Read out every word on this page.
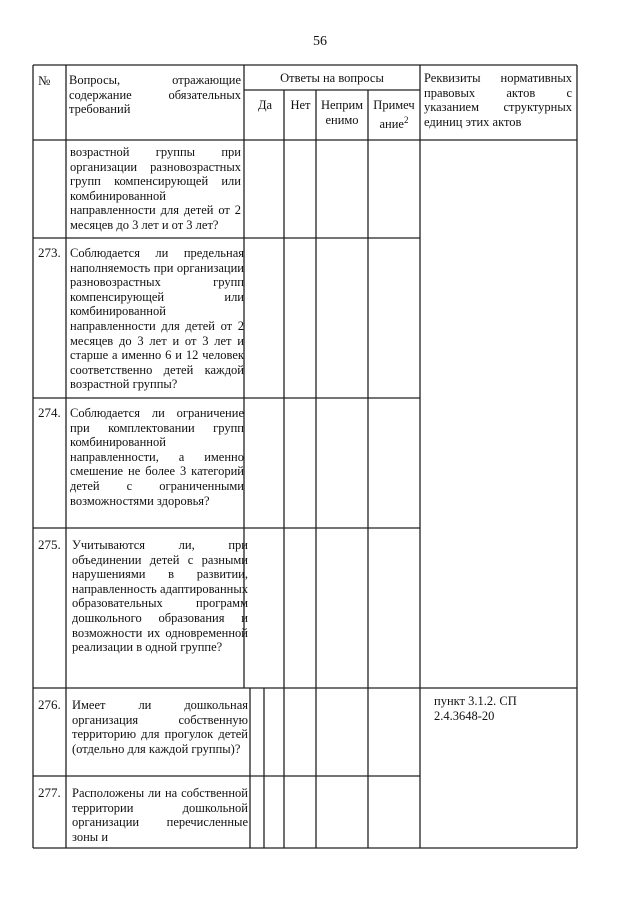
56
№ Вопросы, отражающие содержание обязательных требований
Ответы на вопросы
Да	Нет Неприм енимо
Примеч ание$^2$
Реквизиты нормативных правовых актов с указанием структурных единиц этих актов
возрастной группы при организации разновозрастных групп компенсирующей или комбинированной направленности для детей от 2 месяцев до 3 лет и от 3 лет?
273. Соблюдается ли предельная наполняемость при организации разновозрастных групп компенсирующей или комбинированной направленности для детей от 2 месяцев до 3 лет и от 3 лет и старше а именно 6 и 12 человек соответственно детей каждой возрастной группы?
274. Соблюдается ли ограничение при комплектовании групп комбинированной направленности, а именно смешение не более 3 категорий детей с ограниченными возможностями здоровья?
275. Учитываются ли, при объединении детей с разными нарушениями в развитии, направленность адаптированных образовательных программ дошкольного образования и возможности их одновременной реализации в одной группе?
276. Имеет ли дошкольная организация собственную территорию для прогулок детей (отдельно для каждой группы)?
пункт 3.1.2. СП 2.4.3648-20
277. Расположены ли на собственной территории дошкольной организации перечисленные зоны и
